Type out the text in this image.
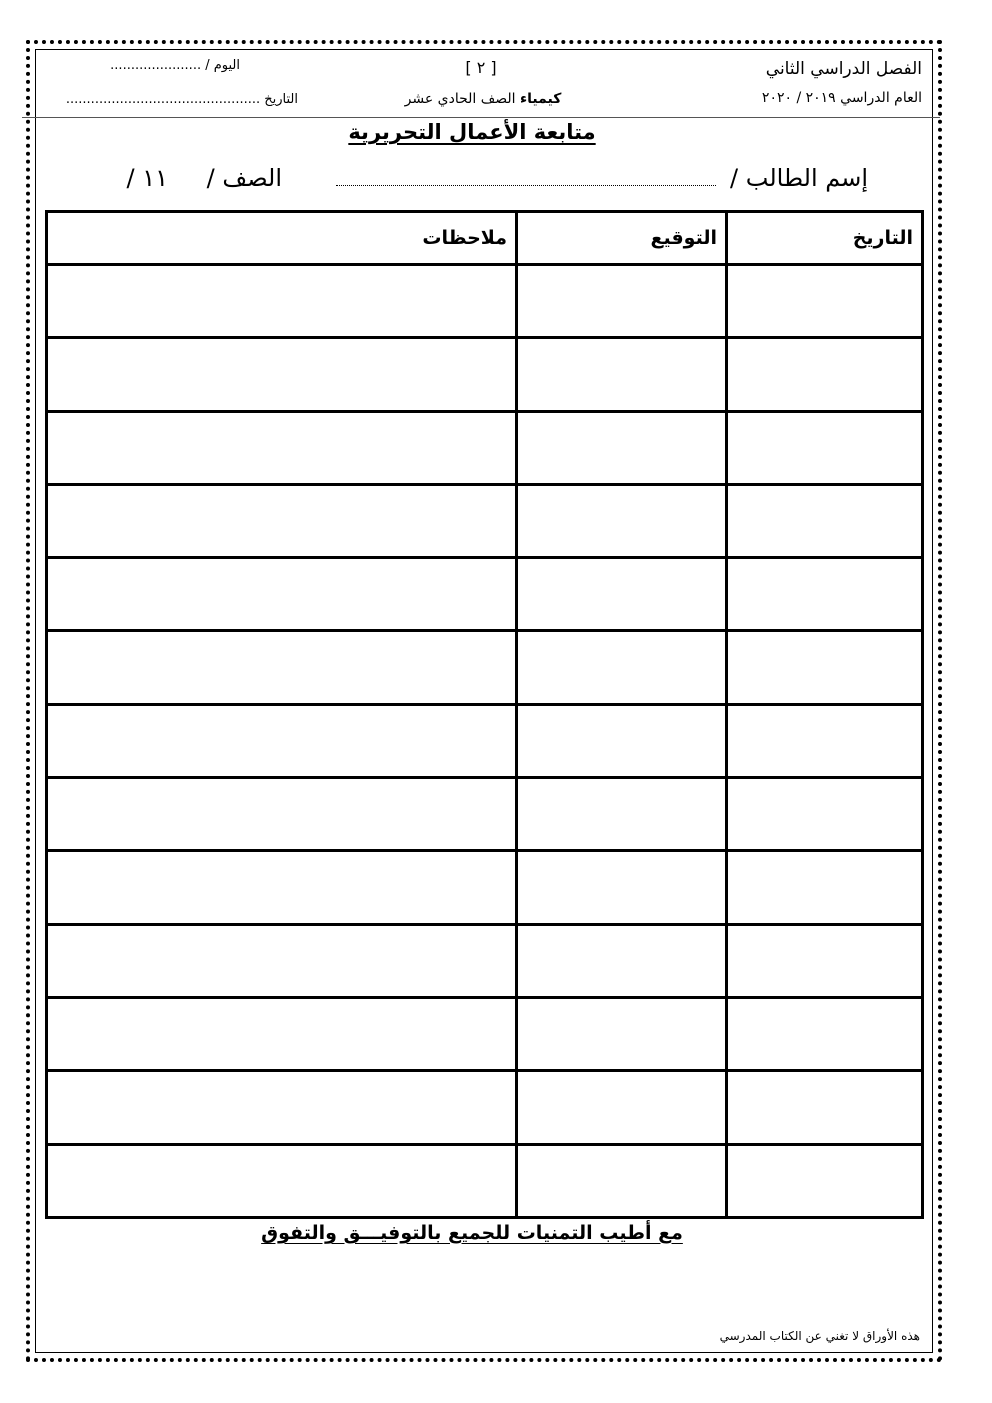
الفصل الدراسي الثاني
العام الدراسي ٢٠١٩ / ٢٠٢٠
[ ٢ ]
كيمياء الصف الحادي عشر
اليوم / ......................
التاريخ ...............................................
متابعة الأعمال التحريرية
إسم الطالب /
الصف /
١١ /
التاريخ	التوقيع	ملاحظات

مع أطيب التمنيات للجميع بالتوفيـــق والتفوق
هذه الأوراق لا تغني عن الكتاب المدرسي
